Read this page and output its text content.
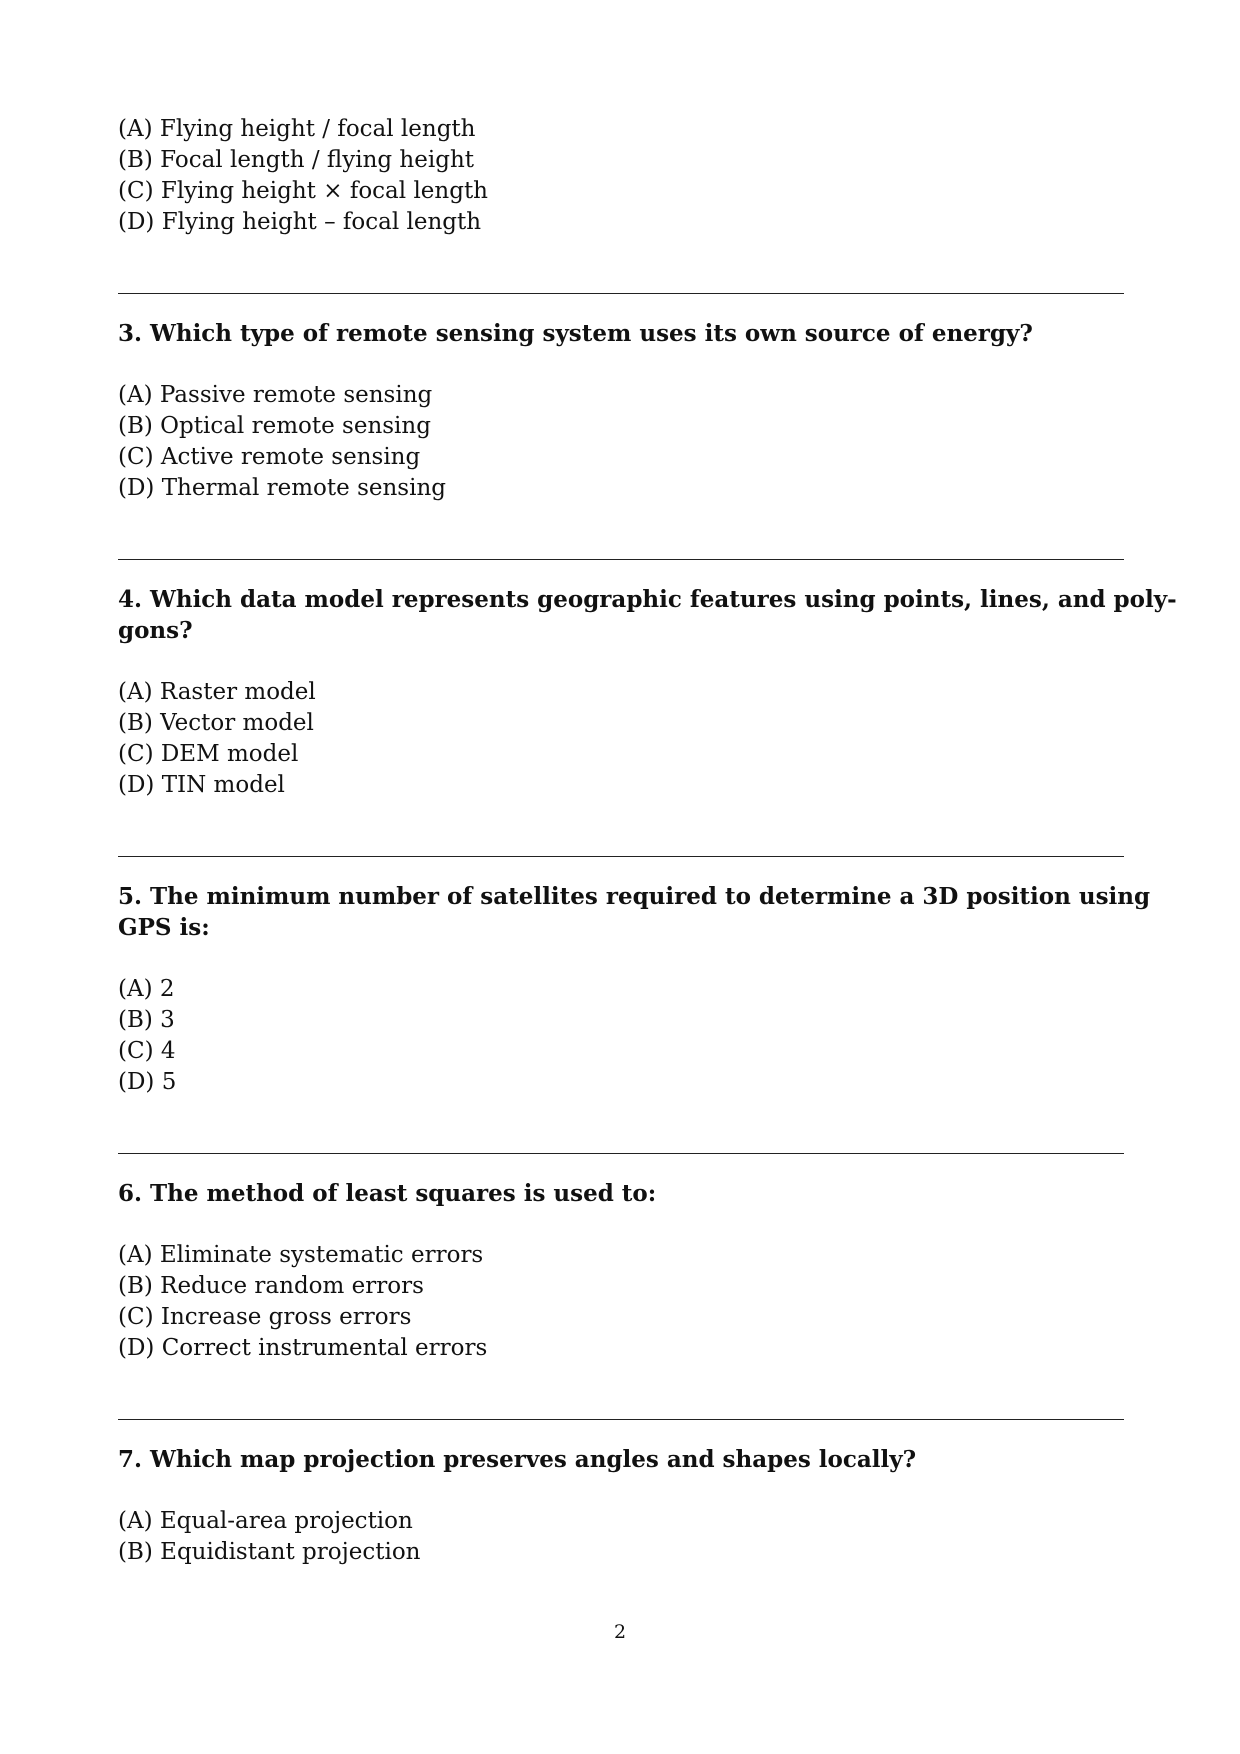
(A) Flying height / focal length
(B) Focal length / flying height
(C) Flying height × focal length
(D) Flying height – focal length
3. Which type of remote sensing system uses its own source of energy?
(A) Passive remote sensing
(B) Optical remote sensing
(C) Active remote sensing
(D) Thermal remote sensing
4. Which data model represents geographic features using points, lines, and poly-
gons?
(A) Raster model
(B) Vector model
(C) DEM model
(D) TIN model
5. The minimum number of satellites required to determine a 3D position using
GPS is:
(A) 2
(B) 3
(C) 4
(D) 5
6. The method of least squares is used to:
(A) Eliminate systematic errors
(B) Reduce random errors
(C) Increase gross errors
(D) Correct instrumental errors
7. Which map projection preserves angles and shapes locally?
(A) Equal-area projection
(B) Equidistant projection
2
